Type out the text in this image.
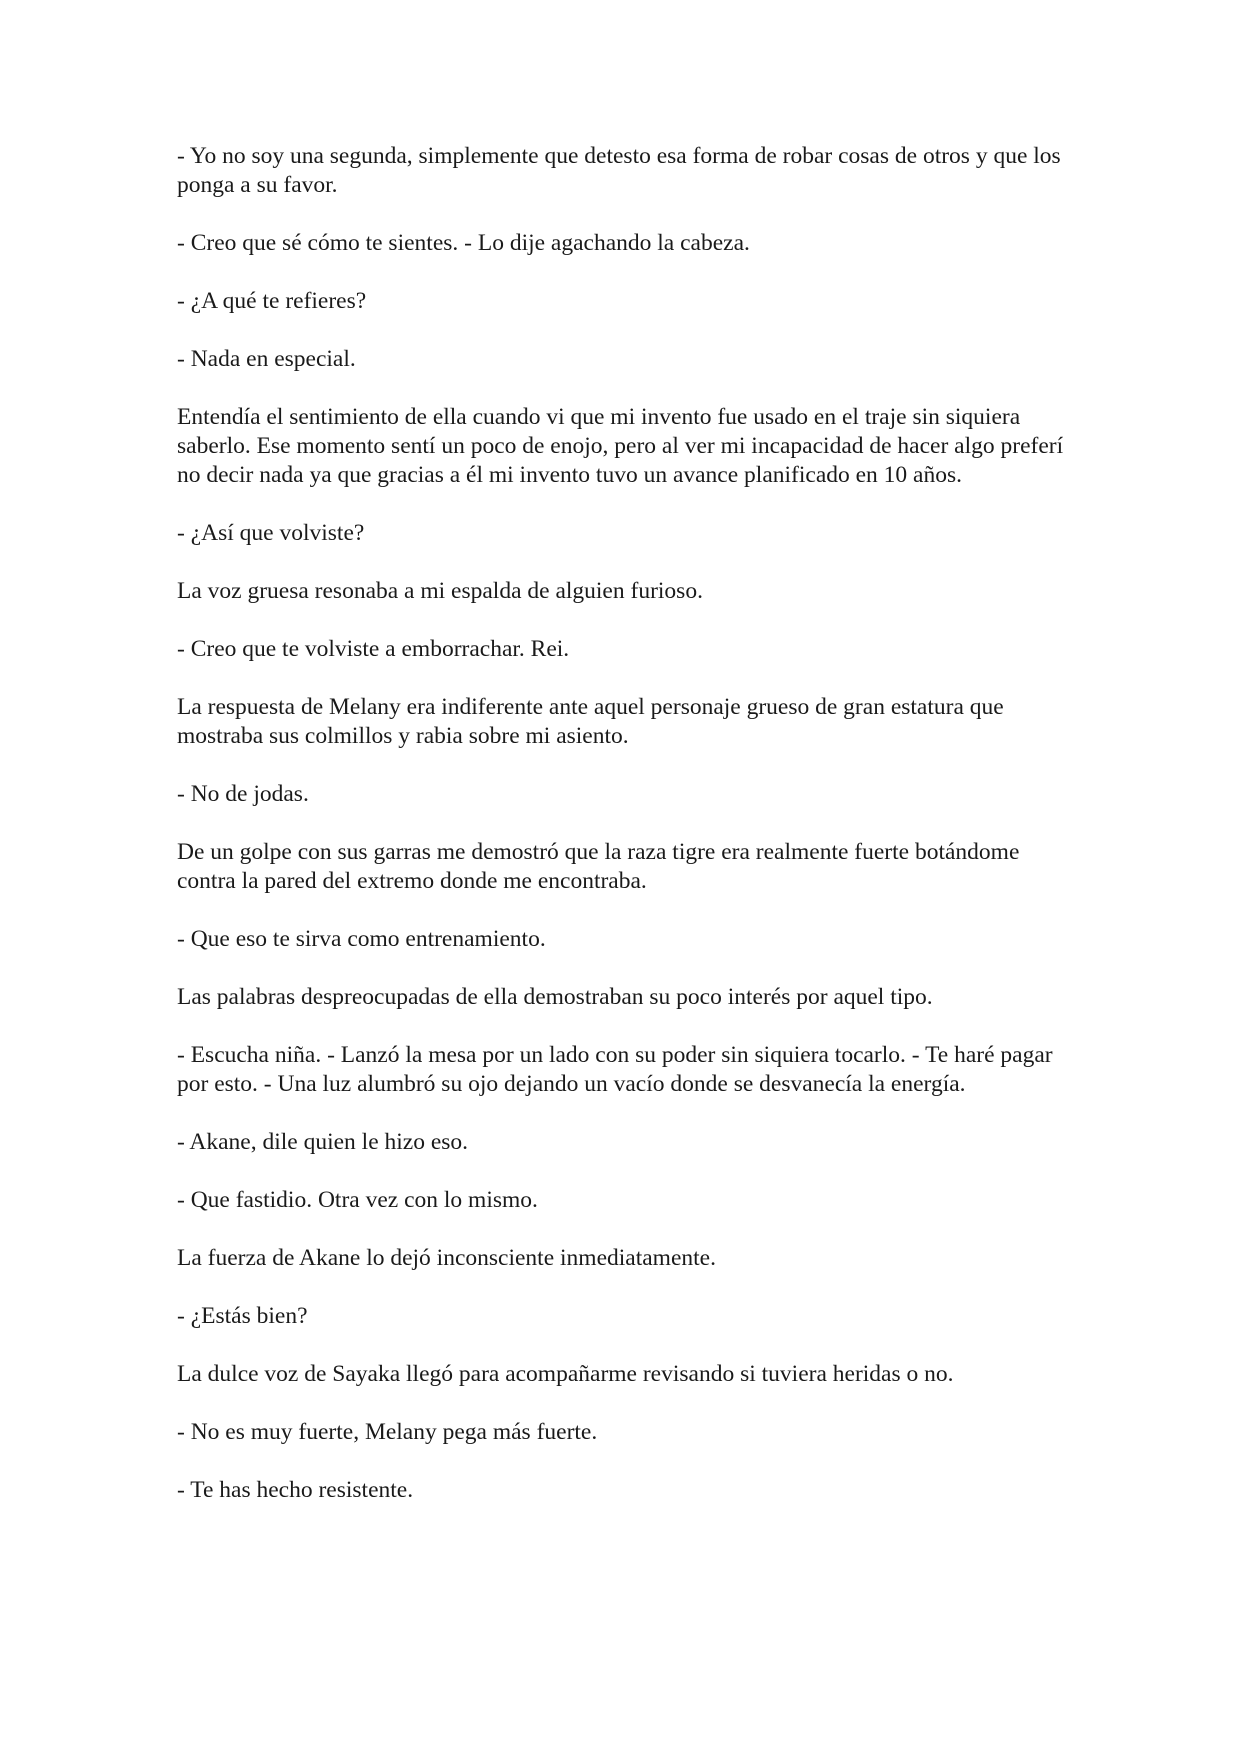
- Yo no soy una segunda, simplemente que detesto esa forma de robar cosas de otros y que los ponga a su favor.

- Creo que sé cómo te sientes. - Lo dije agachando la cabeza.

- ¿A qué te refieres?

- Nada en especial.

Entendía el sentimiento de ella cuando vi que mi invento fue usado en el traje sin siquiera saberlo. Ese momento sentí un poco de enojo, pero al ver mi incapacidad de hacer algo preferí no decir nada ya que gracias a él mi invento tuvo un avance planificado en 10 años.

- ¿Así que volviste?

La voz gruesa resonaba a mi espalda de alguien furioso.

- Creo que te volviste a emborrachar. Rei.

La respuesta de Melany era indiferente ante aquel personaje grueso de gran estatura que mostraba sus colmillos y rabia sobre mi asiento.

- No de jodas.

De un golpe con sus garras me demostró que la raza tigre era realmente fuerte botándome contra la pared del extremo donde me encontraba.

- Que eso te sirva como entrenamiento.

Las palabras despreocupadas de ella demostraban su poco interés por aquel tipo.

- Escucha niña. - Lanzó la mesa por un lado con su poder sin siquiera tocarlo. - Te haré pagar por esto. - Una luz alumbró su ojo dejando un vacío donde se desvanecía la energía.

- Akane, dile quien le hizo eso.

- Que fastidio. Otra vez con lo mismo.

La fuerza de Akane lo dejó inconsciente inmediatamente.

- ¿Estás bien?

La dulce voz de Sayaka llegó para acompañarme revisando si tuviera heridas o no.

- No es muy fuerte, Melany pega más fuerte.

- Te has hecho resistente.
